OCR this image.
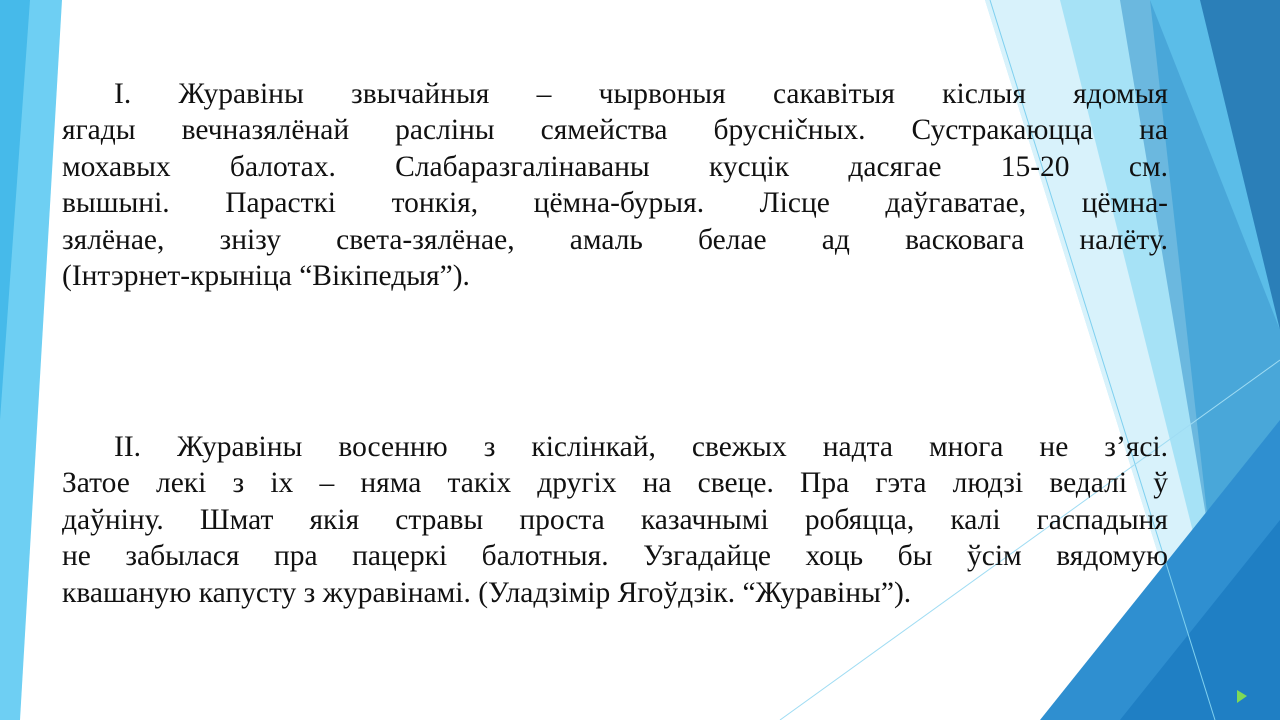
I. Журавіны звычайныя – чырвоныя сакавітыя кіслыя ядомыя
ягады вечназялёнай расліны сямейства брусніčных. Сустракаюцца на
мохавых балотах. Слабаразгалінаваны кусцік дасягае 15-20 см.
вышыні. Парасткі тонкія, цёмна-бурыя. Лісце даўгаватае, цёмна-
зялёнае, знізу света-зялёнае, амаль белае ад васковага налёту.
(Інтэрнет-крыніца “Вікіпедыя”).
II. Журавіны восенню з кіслінкай, свежых надта многа не з’ясі.
Затое лекі з іх – няма такіх другіх на свеце. Пра гэта людзі ведалі ў
даўніну. Шмат якія стравы проста казачнымі робяцца, калі гаспадыня
не забылася пра пацеркі балотныя. Узгадайце хоць бы ўсім вядомую
квашаную капусту з журавінамі. (Уладзімір Ягоўдзік. “Журавіны”).
